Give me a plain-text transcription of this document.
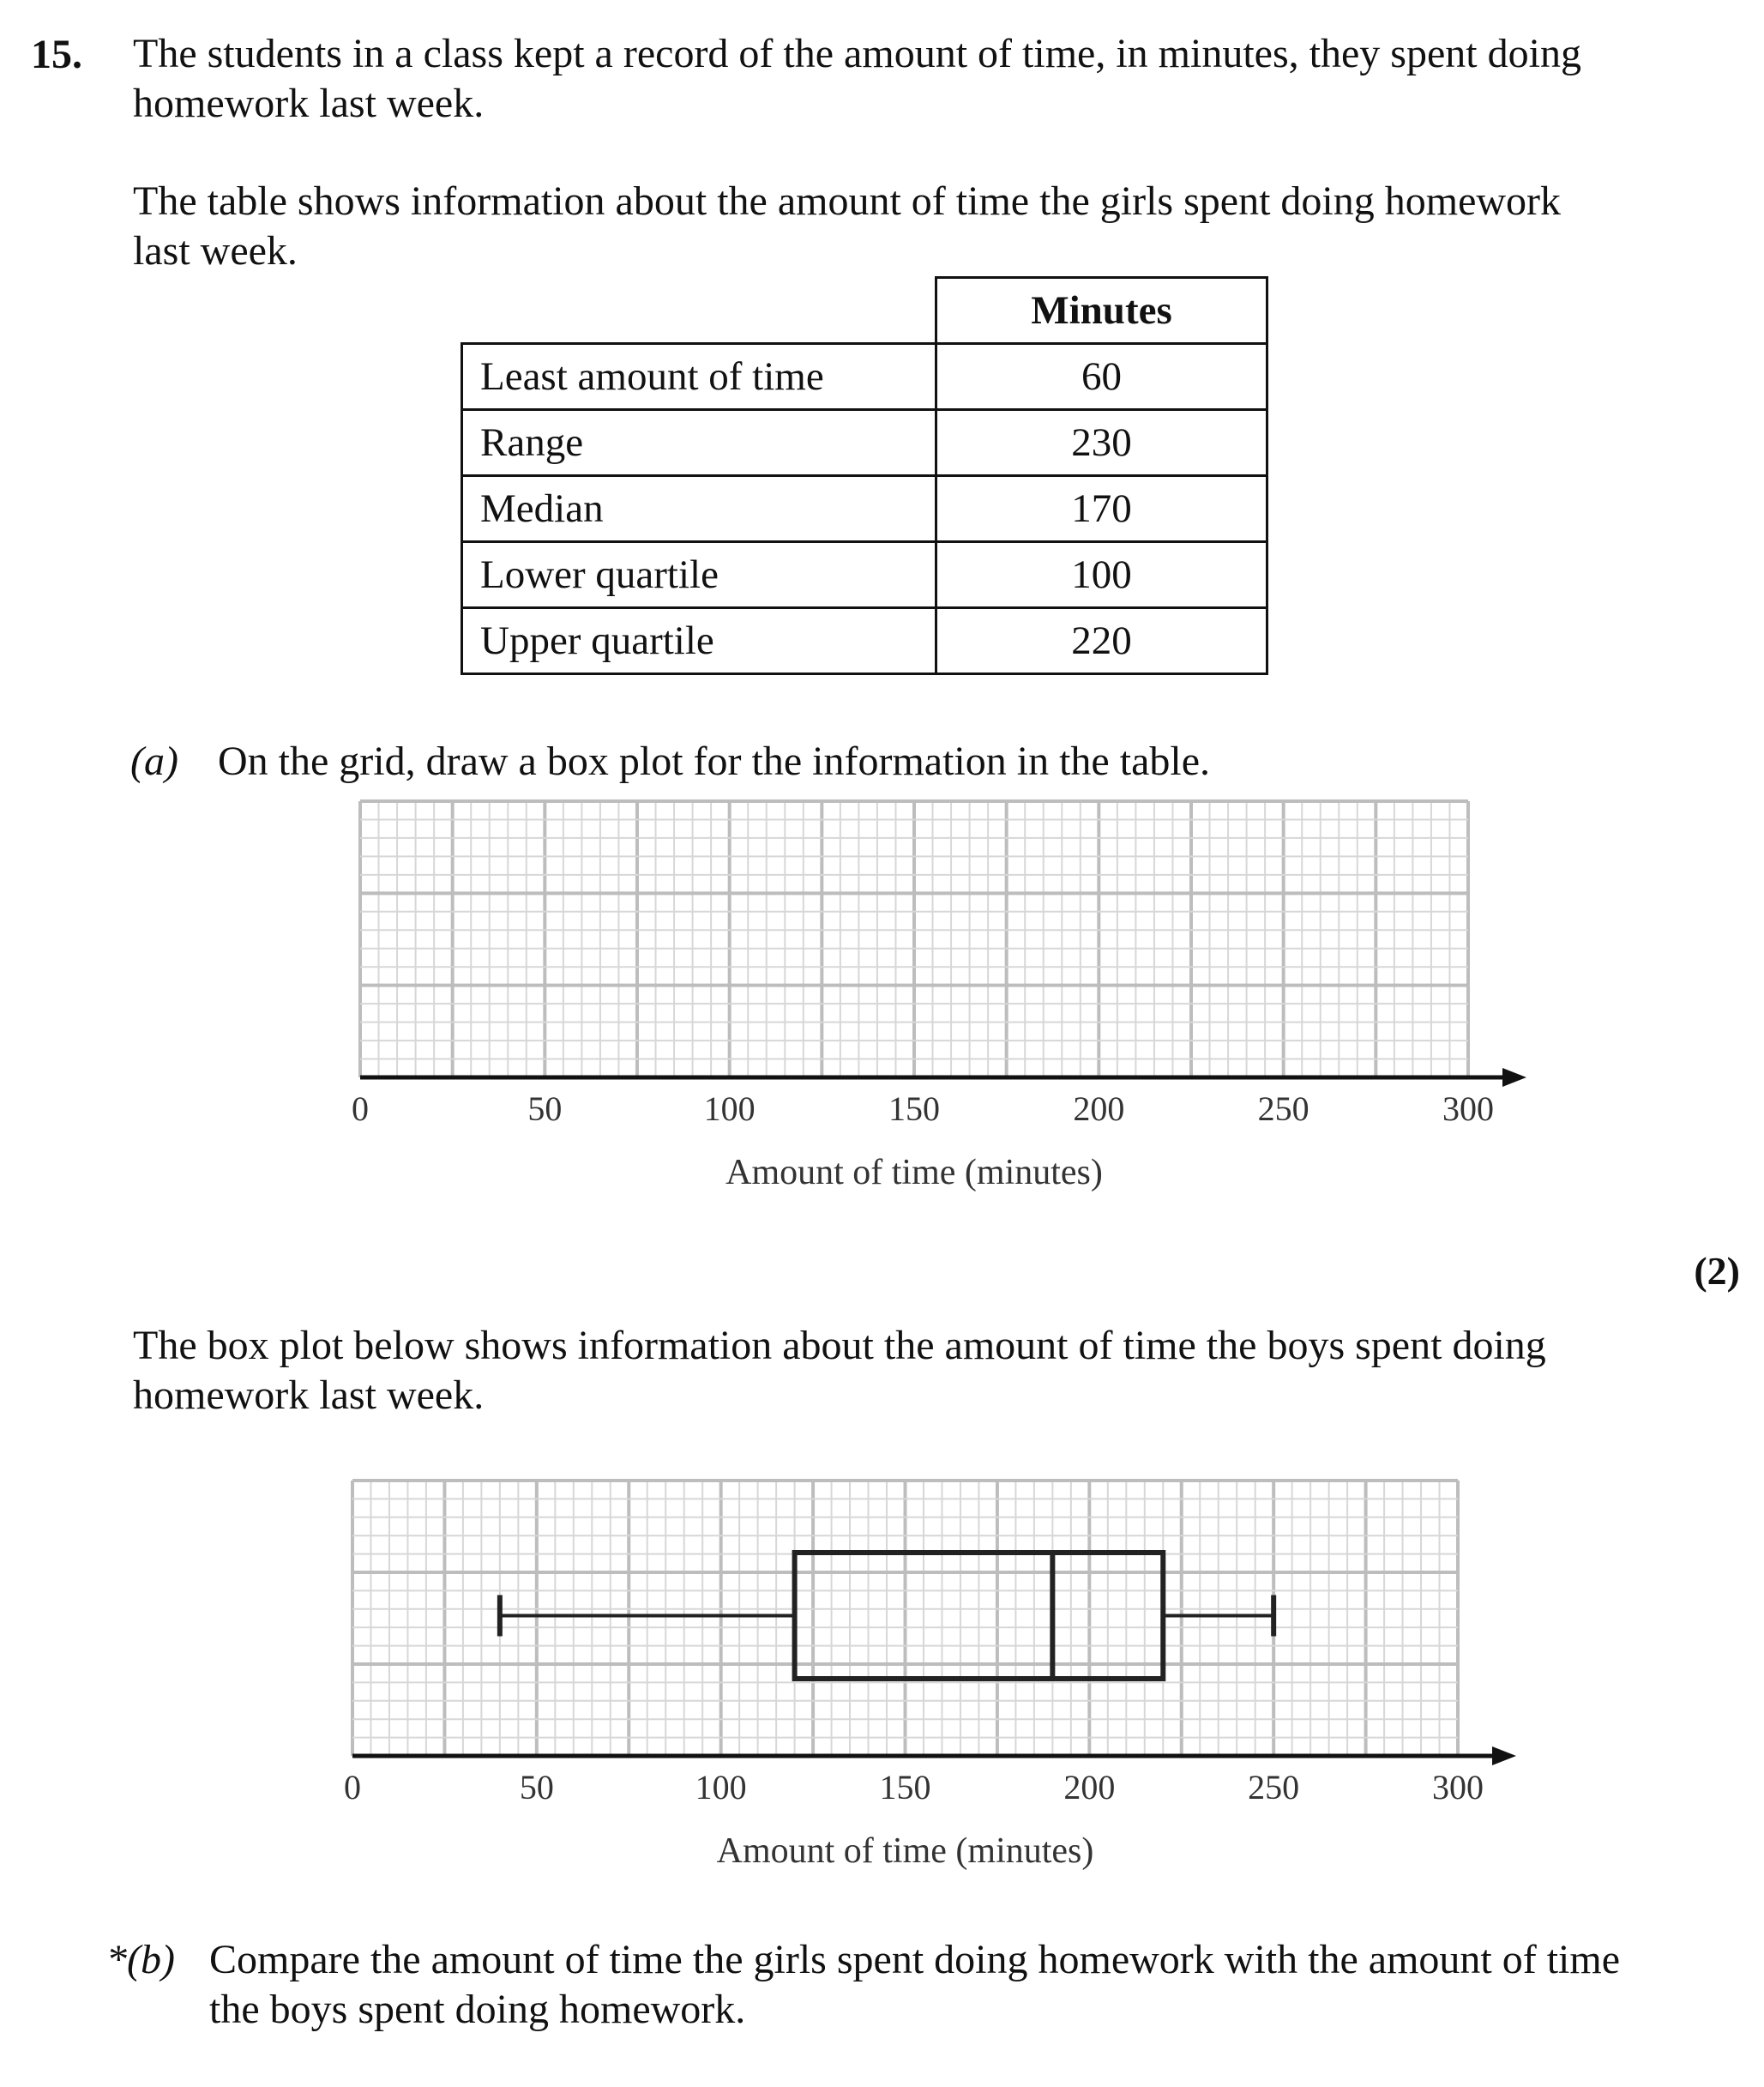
15. The students in a class kept a record of the amount of time, in minutes, they spent doing
homework last week.
The table shows information about the amount of time the girls spent doing homework
last week.
	Minutes
Least amount of time	60
Range	230
Median	170
Lower quartile	100
Upper quartile	220
(a) On the grid, draw a box plot for the information in the table.
0	50	100	150	200	250	300
Amount of time (minutes)
0	50	100	150	200	250	300
Amount of time (minutes)
(2)
The box plot below shows information about the amount of time the boys spent doing
homework last week.
*(b) Compare the amount of time the girls spent doing homework with the amount of time
the boys spent doing homework.
